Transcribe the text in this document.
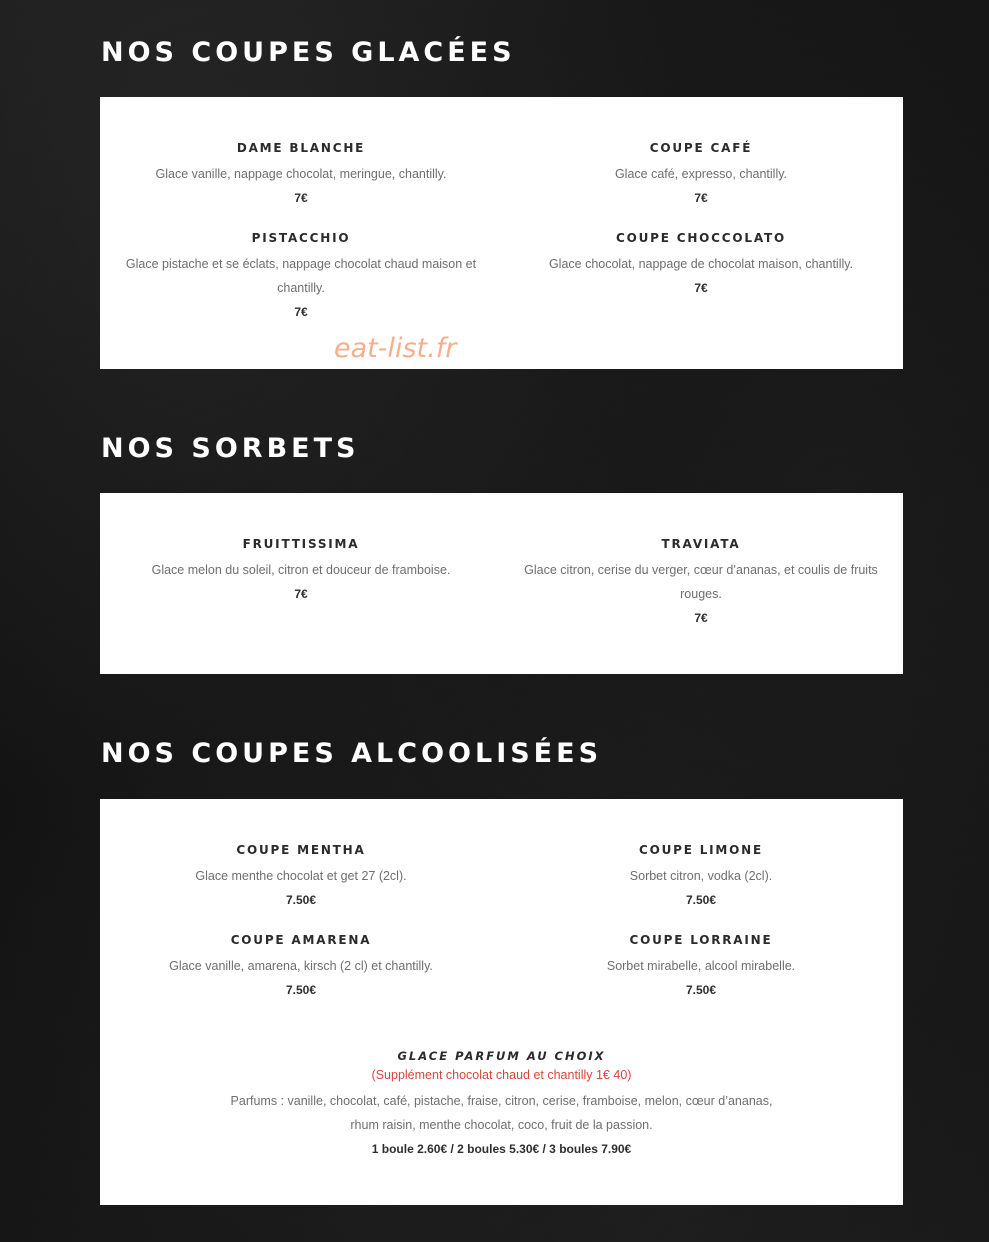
NOS COUPES GLACÉES
DAME BLANCHE
Glace vanille, nappage chocolat, meringue, chantilly.
7€
COUPE CAFÉ
Glace café, expresso, chantilly.
7€
PISTACCHIO
Glace pistache et se éclats, nappage chocolat chaud maison et chantilly.
7€
COUPE CHOCCOLATO
Glace chocolat, nappage de chocolat maison, chantilly.
7€
eat-list.fr
NOS SORBETS
FRUITTISSIMA
Glace melon du soleil, citron et douceur de framboise.
7€
TRAVIATA
Glace citron, cerise du verger, cœur d’ananas, et coulis de fruits rouges.
7€
NOS COUPES ALCOOLISÉES
COUPE MENTHA
Glace menthe chocolat et get 27 (2cl).
7.50€
COUPE LIMONE
Sorbet citron, vodka (2cl).
7.50€
COUPE AMARENA
Glace vanille, amarena, kirsch (2 cl) et chantilly.
7.50€
COUPE LORRAINE
Sorbet mirabelle, alcool mirabelle.
7.50€
GLACE PARFUM AU CHOIX
(Supplément chocolat chaud et chantilly 1€ 40)
Parfums : vanille, chocolat, café, pistache, fraise, citron, cerise, framboise, melon, cœur d’ananas, rhum raisin, menthe chocolat, coco, fruit de la passion.
1 boule 2.60€ / 2 boules 5.30€ / 3 boules 7.90€
